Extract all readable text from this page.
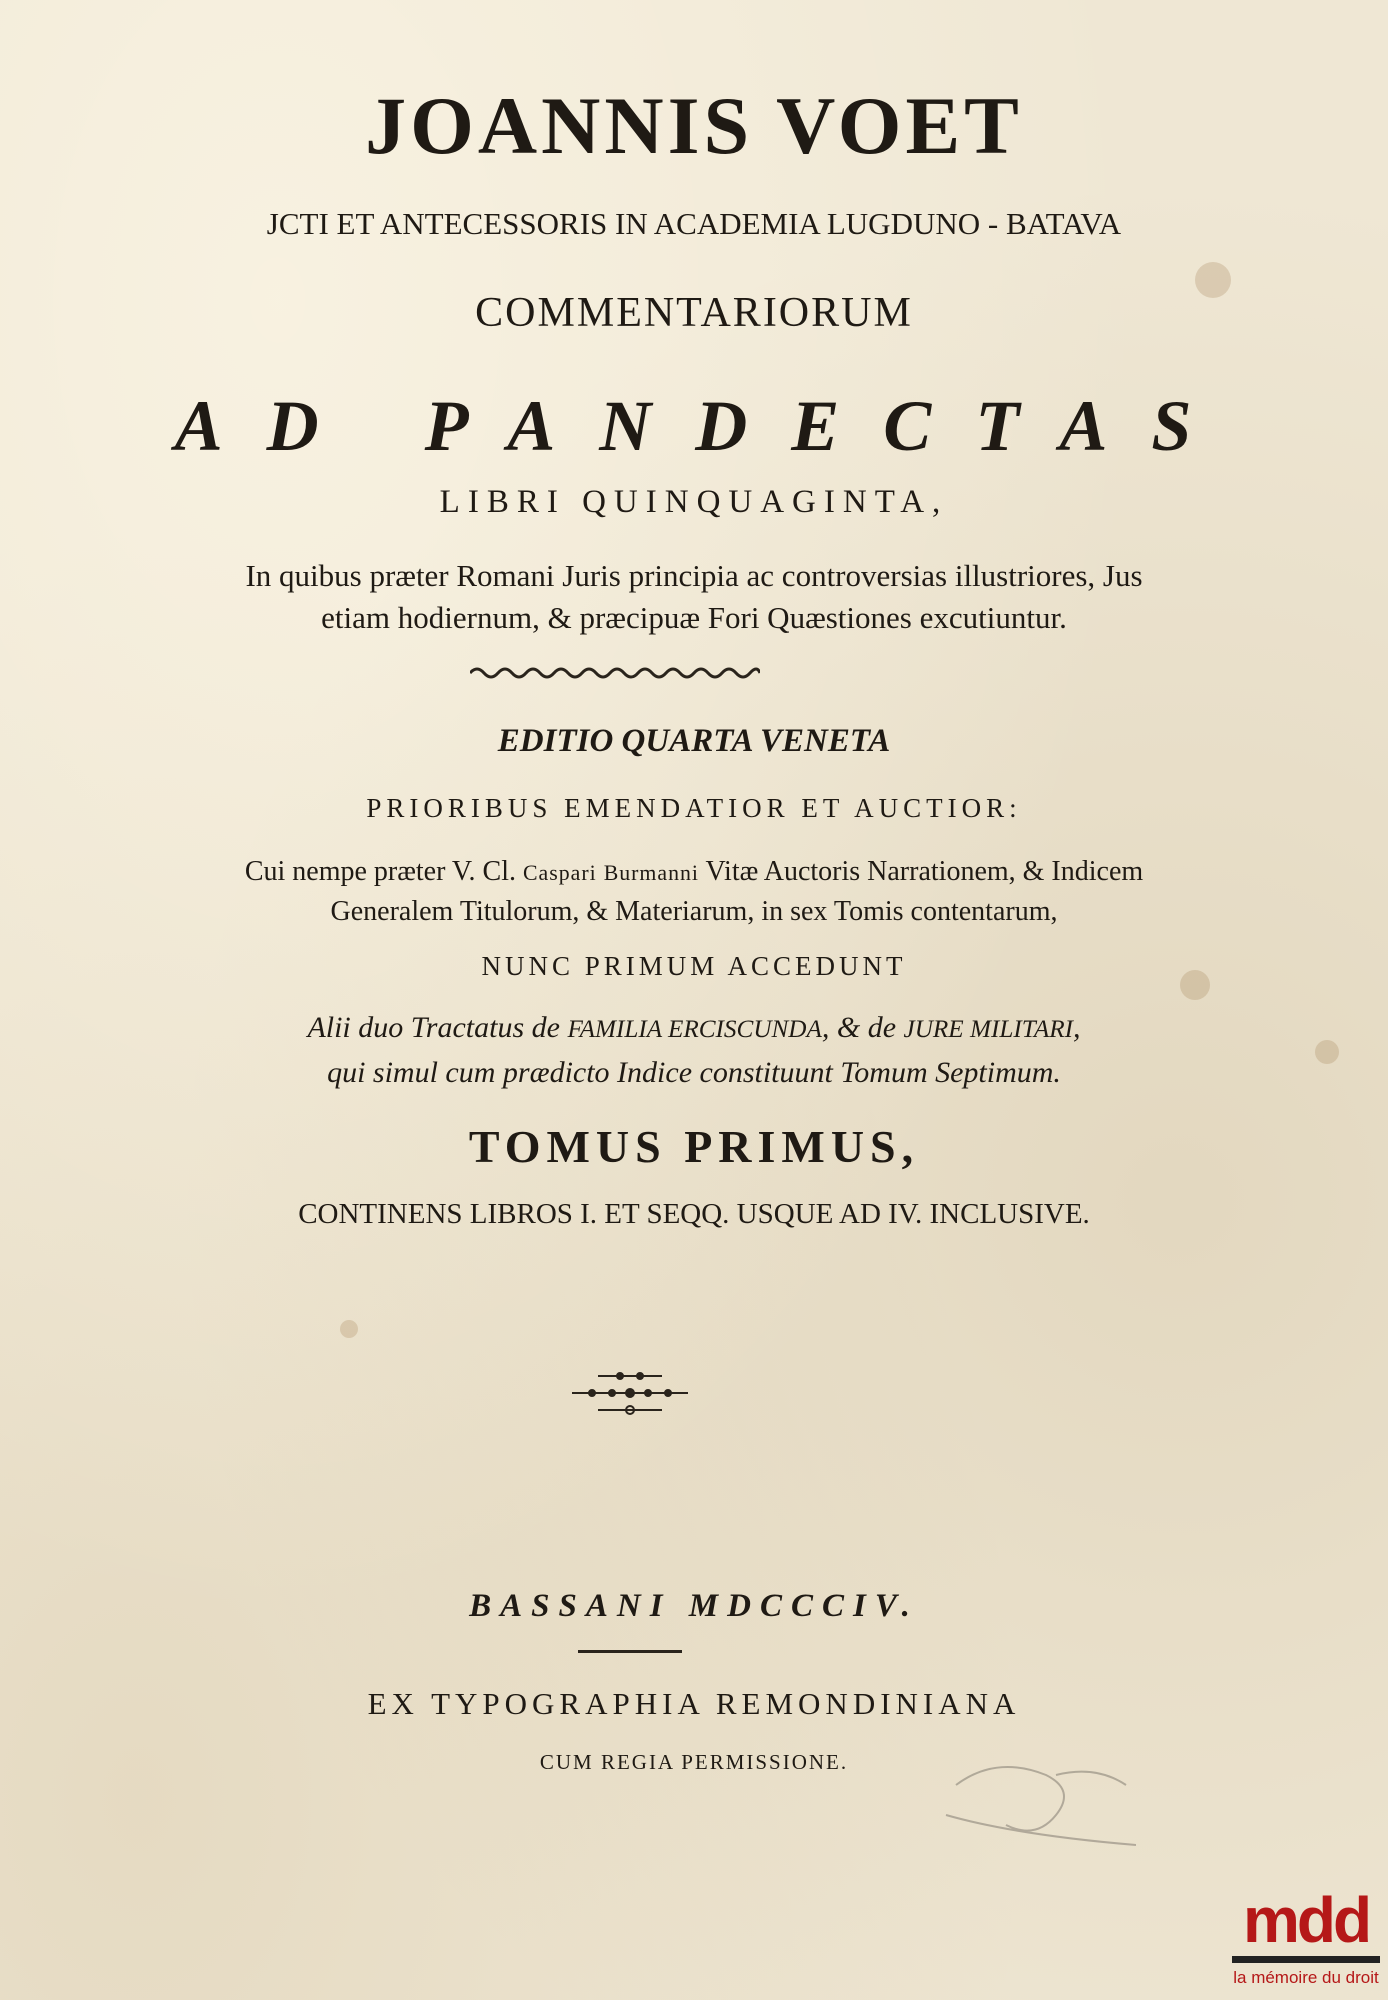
JOANNIS VOET
JCTI ET ANTECESSORIS IN ACADEMIA LUGDUNO - BATAVA
COMMENTARIORUM
AD PANDECTAS
LIBRI QUINQUAGINTA,
In quibus præter Romani Juris principia ac controversias illustriores, Jus
etiam hodiernum, & præcipuæ Fori Quæstiones excutiuntur.
EDITIO QUARTA VENETA
PRIORIBUS EMENDATIOR ET AUCTIOR:
Cui nempe præter V. Cl. Caspari Burmanni Vitæ Auctoris Narrationem, & Indicem
Generalem Titulorum, & Materiarum, in sex Tomis contentarum,
NUNC PRIMUM ACCEDUNT
Alii duo Tractatus de FAMILIA ERCISCUNDA, & de JURE MILITARI,
qui simul cum prædicto Indice constituunt Tomum Septimum.
TOMUS PRIMUS,
CONTINENS LIBROS I. ET SEQQ. USQUE AD IV. INCLUSIVE.
BASSANI MDCCCIV.
EX TYPOGRAPHIA REMONDINIANA
CUM REGIA PERMISSIONE.
mdd
la mémoire du droit
